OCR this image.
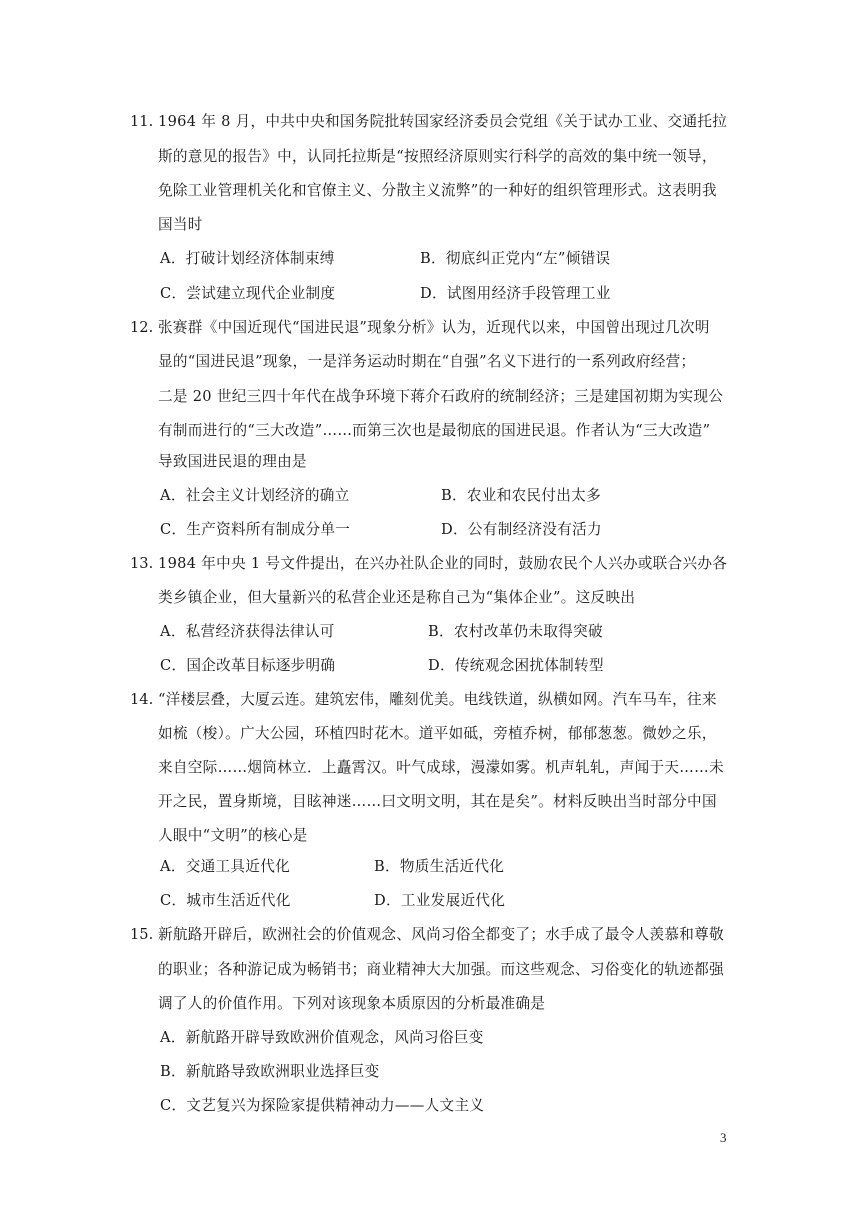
11. 1964 年 8 月，中共中央和国务院批转国家经济委员会党组《关于试办工业、交通托拉
斯的意见的报告》中，认同托拉斯是“按照经济原则实行科学的高效的集中统一领导，
免除工业管理机关化和官僚主义、分散主义流弊”的一种好的组织管理形式。这表明我
国当时
A．打破计划经济体制束缚	B．彻底纠正党内“左”倾错误
C．尝试建立现代企业制度	D．试图用经济手段管理工业
12. 张赛群《中国近现代“国进民退”现象分析》认为，近现代以来，中国曾出现过几次明
显的“国进民退”现象，一是洋务运动时期在“自强”名义下进行的一系列政府经营；
二是 20 世纪三四十年代在战争环境下蒋介石政府的统制经济；三是建国初期为实现公
有制而进行的“三大改造”……而第三次也是最彻底的国进民退。作者认为“三大改造”
导致国进民退的理由是
A．社会主义计划经济的确立	B．农业和农民付出太多
C．生产资料所有制成分单一	D．公有制经济没有活力
13. 1984 年中央 1 号文件提出，在兴办社队企业的同时，鼓励农民个人兴办或联合兴办各
类乡镇企业，但大量新兴的私营企业还是称自己为“集体企业”。这反映出
A．私营经济获得法律认可	B．农村改革仍未取得突破
C．国企改革目标逐步明确	D．传统观念困扰体制转型
14. “洋楼层叠，大厦云连。建筑宏伟，雕刻优美。电线铁道，纵横如网。汽车马车，往来
如梳（梭）。广大公园，环植四时花木。道平如砥，旁植乔树，郁郁葱葱。微妙之乐，
来自空际……烟筒林立．上矗霄汉。叶气成球，漫濛如雾。机声轧轧，声闻于天……未
开之民，置身斯境，目眩神迷……曰文明文明，其在是矣”。材料反映出当时部分中国
人眼中“文明”的核心是
A．交通工具近代化	B．物质生活近代化
C．城市生活近代化	D．工业发展近代化
15. 新航路开辟后，欧洲社会的价值观念、风尚习俗全都变了；水手成了最令人羡慕和尊敬
的职业；各种游记成为畅销书；商业精神大大加强。而这些观念、习俗变化的轨迹都强
调了人的价值作用。下列对该现象本质原因的分析最准确是
A．新航路开辟导致欧洲价值观念，风尚习俗巨变
B．新航路导致欧洲职业选择巨变
C．文艺复兴为探险家提供精神动力——人文主义
3
